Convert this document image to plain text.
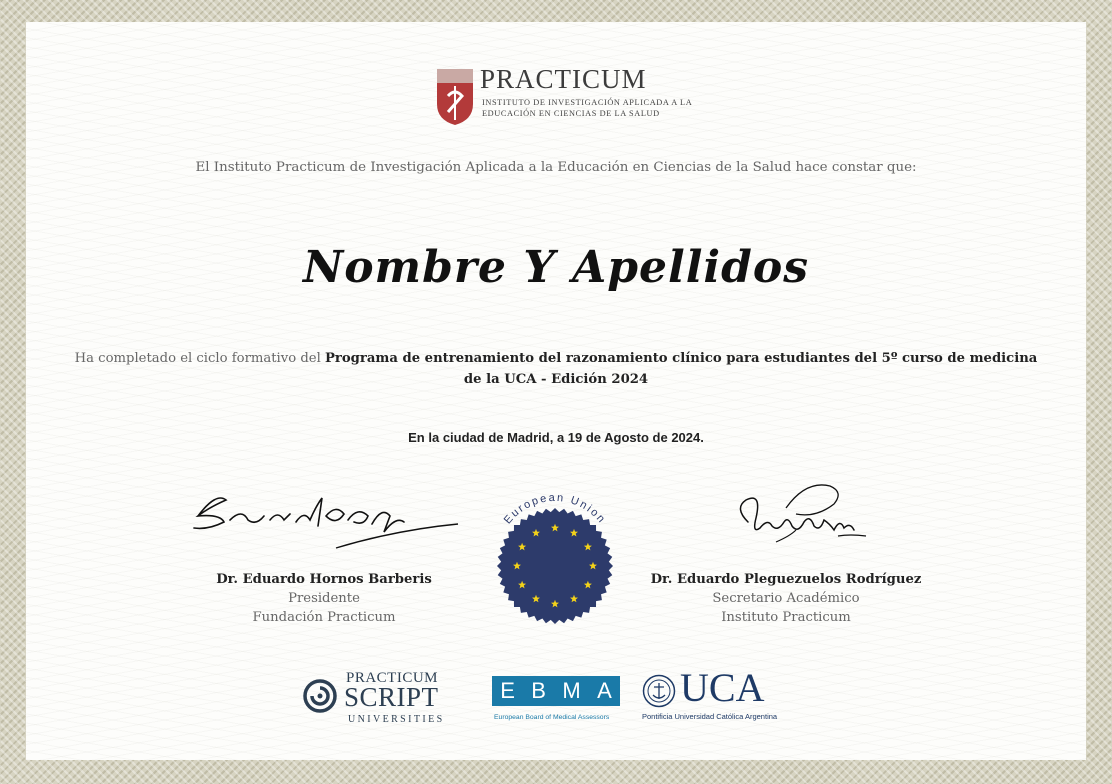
PRACTICUM
INSTITUTO DE INVESTIGACIÓN APLICADA A LA
EDUCACIÓN EN CIENCIAS DE LA SALUD
El Instituto Practicum de Investigación Aplicada a la Educación en Ciencias de la Salud hace constar que:
Nombre Y Apellidos
Ha completado el ciclo formativo del Programa de entrenamiento del razonamiento clínico para estudiantes del 5º curso de medicina de la UCA - Edición 2024
En la ciudad de Madrid, a 19 de Agosto de 2024.
Dr. Eduardo Hornos Barberis
Presidente
Fundación Practicum
European Union
Dr. Eduardo Pleguezuelos Rodríguez
Secretario Académico
Instituto Practicum
PRACTICUM
SCRIPT
UNIVERSITIES
E B M A
European Board of Medical Assessors
UCA
Pontificia Universidad Católica Argentina
